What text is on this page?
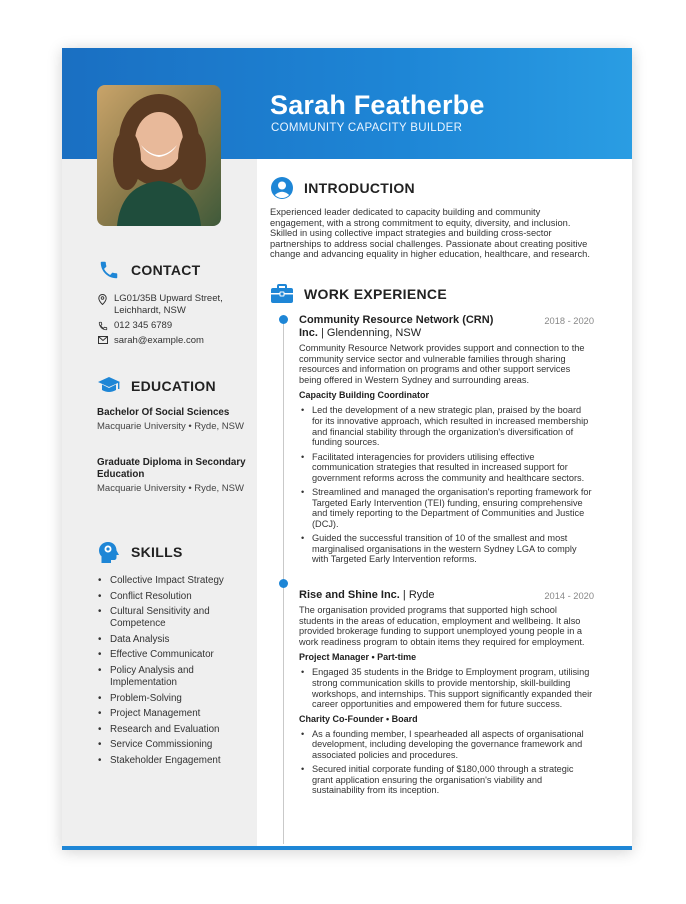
Sarah Featherbe
COMMUNITY CAPACITY BUILDER
CONTACT
LG01/35B Upward Street, Leichhardt, NSW
012 345 6789
sarah@example.com
EDUCATION
Bachelor Of Social Sciences
Macquarie University • Ryde, NSW
Graduate Diploma in Secondary Education
Macquarie University • Ryde, NSW
SKILLS
• Collective Impact Strategy
• Conflict Resolution
• Cultural Sensitivity and Competence
• Data Analysis
• Effective Communicator
• Policy Analysis and Implementation
• Problem-Solving
• Project Management
• Research and Evaluation
• Service Commissioning
• Stakeholder Engagement
INTRODUCTION
Experienced leader dedicated to capacity building and community engagement, with a strong commitment to equity, diversity, and inclusion. Skilled in using collective impact strategies and building cross-sector partnerships to address social challenges. Passionate about creating positive change and advancing equality in higher education, healthcare, and research.
WORK EXPERIENCE
Community Resource Network (CRN) Inc. | Glendenning, NSW
2018 - 2020
Community Resource Network provides support and connection to the community service sector and vulnerable families through sharing resources and information on programs and other support services being offered in Western Sydney and surrounding areas.
Capacity Building Coordinator
• Led the development of a new strategic plan, praised by the board for its innovative approach, which resulted in increased membership and financial stability through the organization's diversification of funding sources.
• Facilitated interagencies for providers utilising effective communication strategies that resulted in increased support for government reforms across the community and healthcare sectors.
• Streamlined and managed the organisation's reporting framework for Targeted Early Intervention (TEI) funding, ensuring comprehensive and timely reporting to the Department of Communities and Justice (DCJ).
• Guided the successful transition of 10 of the smallest and most marginalised organisations in the western Sydney LGA to comply with Targeted Early Intervention reforms.
Rise and Shine Inc. | Ryde	2014 - 2020
The organisation provided programs that supported high school students in the areas of education, employment and wellbeing. It also provided brokerage funding to support unemployed young people in a work readiness program to obtain items they required for employment.
Project Manager • Part-time
• Engaged 35 students in the Bridge to Employment program, utilising strong communication skills to provide mentorship, skill-building workshops, and internships. This support significantly expanded their career opportunities and empowered them for future success.
Charity Co-Founder • Board
• As a founding member, I spearheaded all aspects of organisational development, including developing the governance framework and associated policies and procedures.
• Secured initial corporate funding of $180,000 through a strategic grant application ensuring the organisation's viability and sustainability from its inception.
